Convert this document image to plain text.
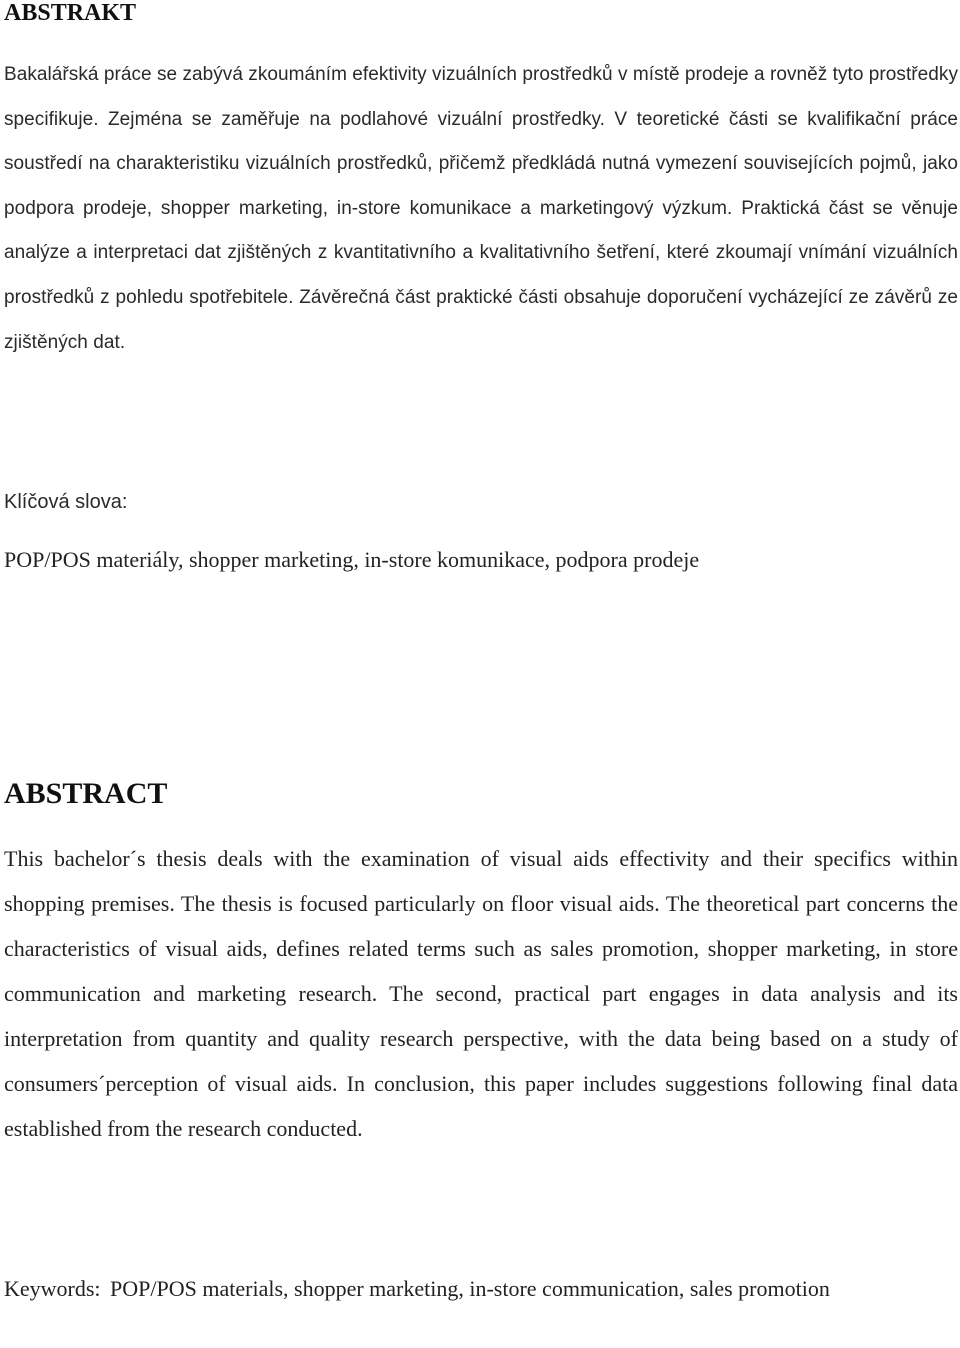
ABSTRAKT

Bakalářská práce se zabývá zkoumáním efektivity vizuálních prostředků v místě prodeje a rovněž tyto prostředky specifikuje. Zejména se zaměřuje na podlahové vizuální prostředky. V teoretické části se kvalifikační práce soustředí na charakteristiku vizuálních prostředků, přičemž předkládá nutná vymezení souvisejících pojmů, jako podpora prodeje, shopper marketing, in-store komunikace a marketingový výzkum. Praktická část se věnuje analýze a interpretaci dat zjištěných z kvantitativního a kvalitativního šetření, které zkoumají vnímání vizuálních prostředků z pohledu spotřebitele. Závěrečná část praktické části obsahuje doporučení vycházející ze závěrů ze zjištěných dat.

Klíčová slova:

POP/POS materiály, shopper marketing, in-store komunikace, podpora prodeje

ABSTRACT

This bachelor´s thesis deals with the examination of visual aids effectivity and their specifics within shopping premises. The thesis is focused particularly on floor visual aids. The theoretical part concerns the characteristics of visual aids, defines related terms such as sales promotion, shopper marketing, in store communication and marketing research. The second, practical part engages in data analysis and its interpretation from quantity and quality research perspective, with the data being based on a study of consumers´perception of visual aids. In conclusion, this paper includes suggestions following final data established from the research conducted.

Keywords: POP/POS materials, shopper marketing, in-store communication, sales promotion
